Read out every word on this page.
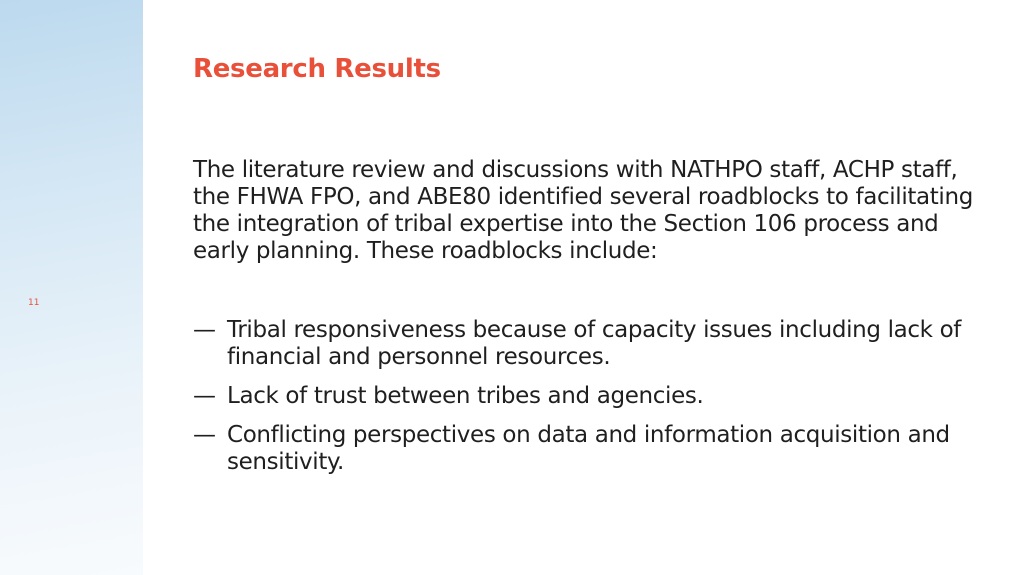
11
Research Results

The literature review and discussions with NATHPO staff, ACHP staff, the FHWA FPO, and ABE80 identified several roadblocks to facilitating the integration of tribal expertise into the Section 106 process and early planning. These roadblocks include:

— Tribal responsiveness because of capacity issues including lack of financial and personnel resources.
— Lack of trust between tribes and agencies.
— Conflicting perspectives on data and information acquisition and sensitivity.
